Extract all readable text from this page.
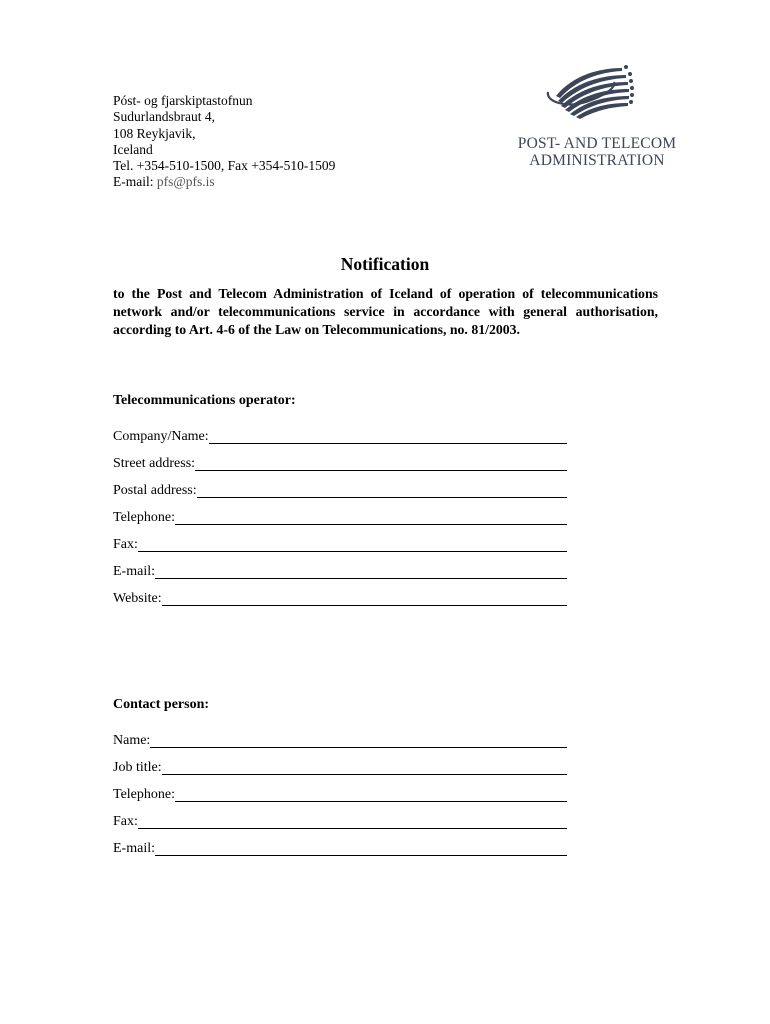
Póst- og fjarskiptastofnun
Sudurlandsbraut 4,
108 Reykjavik,
Iceland
Tel. +354-510-1500, Fax +354-510-1509
E-mail: pfs@pfs.is
POST- AND TELECOM
ADMINISTRATION
Notification
to the Post and Telecom Administration of Iceland of operation of telecommunications network and/or telecommunications service in accordance with general authorisation, according to Art. 4-6 of the Law on Telecommunications, no. 81/2003.
Telecommunications operator:
Company/Name:
Street address:
Postal address:
Telephone:
Fax:
E-mail:
Website:
Contact person:
Name:
Job title:
Telephone:
Fax:
E-mail:
